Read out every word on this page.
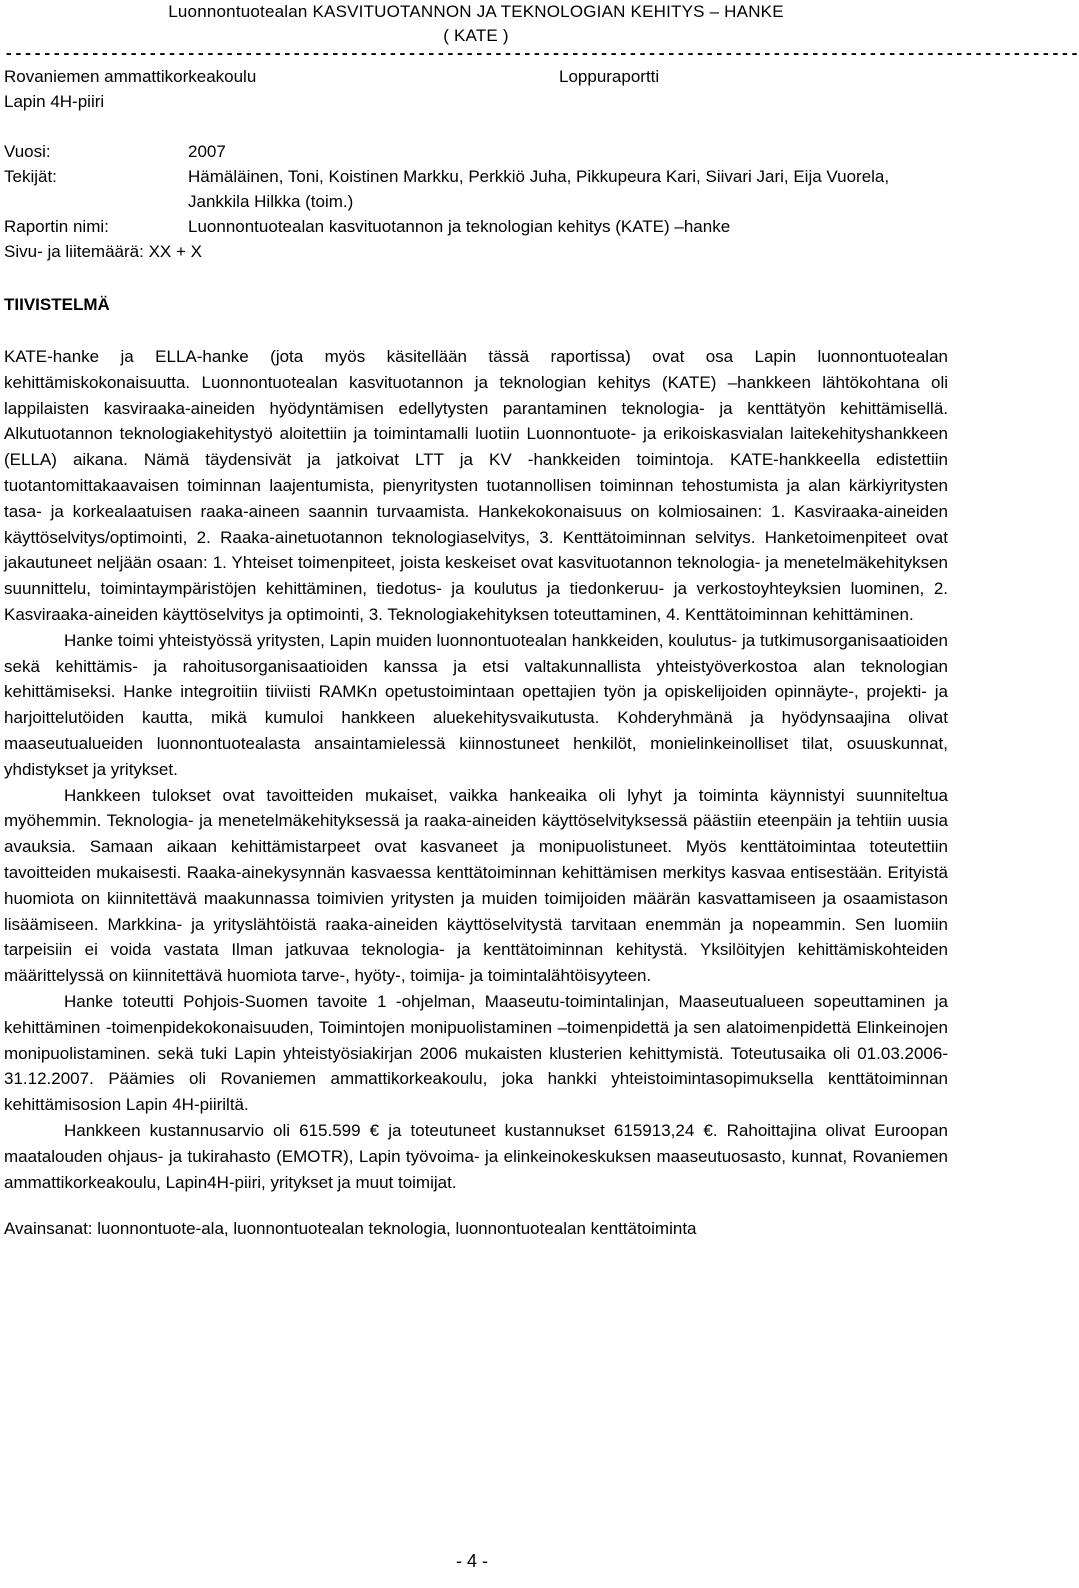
Luonnontuotealan KASVITUOTANNON JA TEKNOLOGIAN KEHITYS – HANKE
( KATE )
----------------------------------------------------------------------------------------------------------------
Rovaniemen ammattikorkeakoulu	Loppuraportti
Lapin 4H-piiri
Vuosi:	2007
Tekijät:	Hämäläinen, Toni, Koistinen Markku, Perkkiö Juha, Pikkupeura Kari, Siivari Jari, Eija Vuorela, Jankkila Hilkka (toim.)
Raportin nimi:	Luonnontuotealan kasvituotannon ja teknologian kehitys (KATE) –hanke
Sivu- ja liitemäärä: XX + X
TIIVISTELMÄ

KATE-hanke ja ELLA-hanke (jota myös käsitellään tässä raportissa) ovat osa Lapin luonnontuotealan kehittämiskokonaisuutta. Luonnontuotealan kasvituotannon ja teknologian kehitys (KATE) –hankkeen lähtökohtana oli lappilaisten kasviraaka-aineiden hyödyntämisen edellytysten parantaminen teknologia- ja kenttätyön kehittämisellä. Alkutuotannon teknologiakehitystyö aloitettiin ja toimintamalli luotiin Luonnontuote- ja erikoiskasvialan laitekehityshankkeen (ELLA) aikana. Nämä täydensivät ja jatkoivat LTT ja KV -hankkeiden toimintoja. KATE-hankkeella edistettiin tuotantomittakaavaisen toiminnan laajentumista, pienyritysten tuotannollisen toiminnan tehostumista ja alan kärkiyritysten tasa- ja korkealaatuisen raaka-aineen saannin turvaamista. Hankekokonaisuus on kolmiosainen: 1. Kasviraaka-aineiden käyttöselvitys/optimointi, 2. Raaka-ainetuotannon teknologiaselvitys, 3. Kenttätoiminnan selvitys. Hanketoimenpiteet ovat jakautuneet neljään osaan: 1. Yhteiset toimenpiteet, joista keskeiset ovat kasvituotannon teknologia- ja menetelmäkehityksen suunnittelu, toimintaympäristöjen kehittäminen, tiedotus- ja koulutus ja tiedonkeruu- ja verkostoyhteyksien luominen, 2. Kasviraaka-aineiden käyttöselvitys ja optimointi, 3. Teknologiakehityksen toteuttaminen, 4. Kenttätoiminnan kehittäminen.

Hanke toimi yhteistyössä yritysten, Lapin muiden luonnontuotealan hankkeiden, koulutus- ja tutkimusorganisaatioiden sekä kehittämis- ja rahoitusorganisaatioiden kanssa ja etsi valtakunnallista yhteistyöverkostoa alan teknologian kehittämiseksi. Hanke integroitiin tiiviisti RAMKn opetustoimintaan opettajien työn ja opiskelijoiden opinnäyte-, projekti- ja harjoittelutöiden kautta, mikä kumuloi hankkeen aluekehitysvaikutusta. Kohderyhmänä ja hyödynsaajina olivat maaseutualueiden luonnontuotealasta ansaintamielessä kiinnostuneet henkilöt, monielinkeinolliset tilat, osuuskunnat, yhdistykset ja yritykset.

Hankkeen tulokset ovat tavoitteiden mukaiset, vaikka hankeaika oli lyhyt ja toiminta käynnistyi suunniteltua myöhemmin. Teknologia- ja menetelmäkehityksessä ja raaka-aineiden käyttöselvityksessä päästiin eteenpäin ja tehtiin uusia avauksia. Samaan aikaan kehittämistarpeet ovat kasvaneet ja monipuolistuneet. Myös kenttätoimintaa toteutettiin tavoitteiden mukaisesti. Raaka-ainekysynnän kasvaessa kenttätoiminnan kehittämisen merkitys kasvaa entisestään. Erityistä huomiota on kiinnitettävä maakunnassa toimivien yritysten ja muiden toimijoiden määrän kasvattamiseen ja osaamistason lisäämiseen. Markkina- ja yrityslähtöistä raaka-aineiden käyttöselvitystä tarvitaan enemmän ja nopeammin. Sen luomiin tarpeisiin ei voida vastata Ilman jatkuvaa teknologia- ja kenttätoiminnan kehitystä. Yksilöityjen kehittämiskohteiden määrittelyssä on kiinnitettävä huomiota tarve-, hyöty-, toimija- ja toimintalähtöisyyteen.

Hanke toteutti Pohjois-Suomen tavoite 1 -ohjelman, Maaseutu-toimintalinjan, Maaseutualueen sopeuttaminen ja kehittäminen -toimenpidekokonaisuuden, Toimintojen monipuolistaminen –toimenpidettä ja sen alatoimenpidettä Elinkeinojen monipuolistaminen. sekä tuki Lapin yhteistyösiakirjan 2006 mukaisten klusterien kehittymistä. Toteutusaika oli 01.03.2006-31.12.2007. Päämies oli Rovaniemen ammattikorkeakoulu, joka hankki yhteistoimintasopimuksella kenttätoiminnan kehittämisosion Lapin 4H-piiriltä.

Hankkeen kustannusarvio oli 615.599 € ja toteutuneet kustannukset 615913,24 €. Rahoittajina olivat Euroopan maatalouden ohjaus- ja tukirahasto (EMOTR), Lapin työvoima- ja elinkeinokeskuksen maaseutuosasto, kunnat, Rovaniemen ammattikorkeakoulu, Lapin4H-piiri, yritykset ja muut toimijat.

Avainsanat: luonnontuote-ala, luonnontuotealan teknologia, luonnontuotealan kenttätoiminta
- 4 -
